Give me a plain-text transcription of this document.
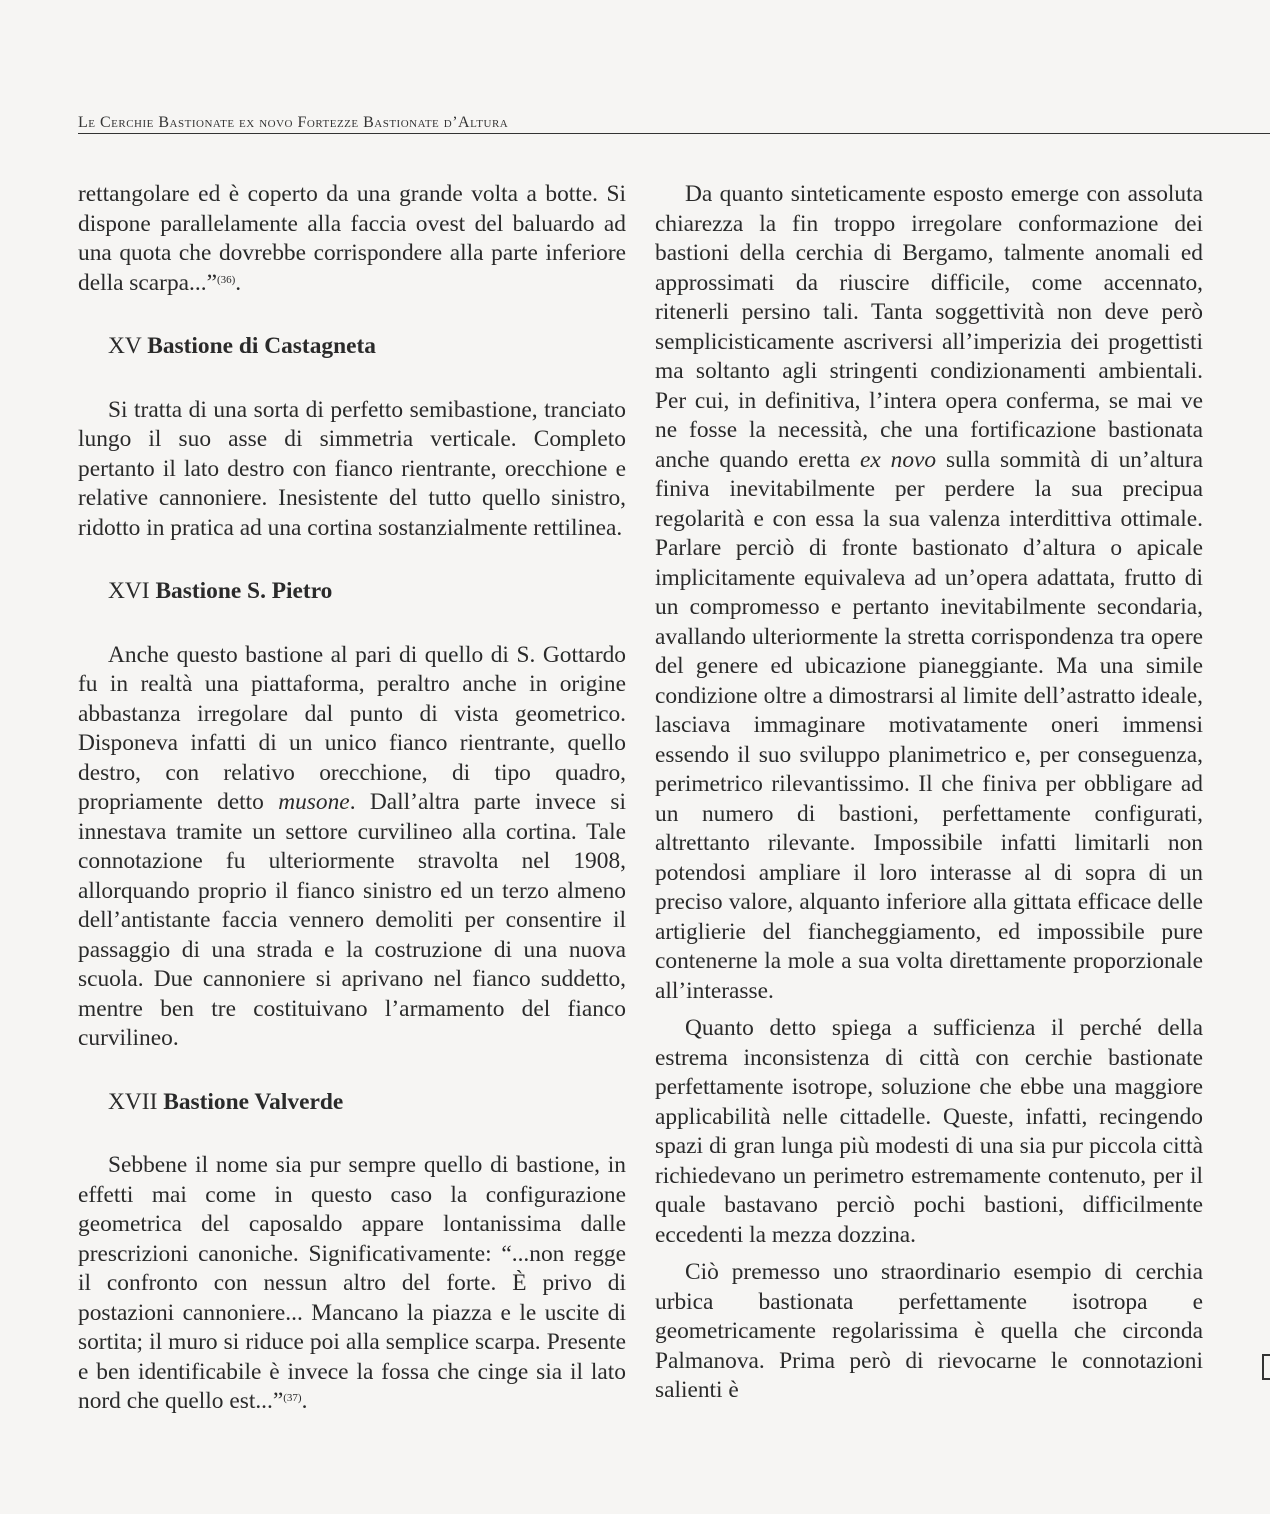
Le Cerchie Bastionate ex novo Fortezze Bastionate d’Altura

rettangolare ed è coperto da una grande volta a botte. Si dispone parallelamente alla faccia ovest del baluardo ad una quota che dovrebbe corrispondere alla parte inferiore della scarpa...”$^{(36)}$.

XV Bastione di Castagneta

Si tratta di una sorta di perfetto semibastione, tranciato lungo il suo asse di simmetria verticale. Completo pertanto il lato destro con fianco rientrante, orecchione e relative cannoniere. Inesistente del tutto quello sinistro, ridotto in pratica ad una cortina sostanzialmente rettilinea.

XVI Bastione S. Pietro

Anche questo bastione al pari di quello di S. Gottardo fu in realtà una piattaforma, peraltro anche in origine abbastanza irregolare dal punto di vista geometrico. Disponeva infatti di un unico fianco rientrante, quello destro, con relativo orecchione, di tipo quadro, propriamente detto musone. Dall’altra parte invece si innestava tramite un settore curvilineo alla cortina. Tale connotazione fu ulteriormente stravolta nel 1908, allorquando proprio il fianco sinistro ed un terzo almeno dell’antistante faccia vennero demoliti per consentire il passaggio di una strada e la costruzione di una nuova scuola. Due cannoniere si aprivano nel fianco suddetto, mentre ben tre costituivano l’armamento del fianco curvilineo.

XVII Bastione Valverde

Sebbene il nome sia pur sempre quello di bastione, in effetti mai come in questo caso la configurazione geometrica del caposaldo appare lontanissima dalle prescrizioni canoniche. Significativamente: “...non regge il confronto con nessun altro del forte. È privo di postazioni cannoniere... Mancano la piazza e le uscite di sortita; il muro si riduce poi alla semplice scarpa. Presente e ben identificabile è invece la fossa che cinge sia il lato nord che quello est...”$^{(37)}$.

Da quanto sinteticamente esposto emerge con assoluta chiarezza la fin troppo irregolare conformazione dei bastioni della cerchia di Bergamo, talmente anomali ed approssimati da riuscire difficile, come accennato, ritenerli persino tali. Tanta soggettività non deve però semplicisticamente ascriversi all’imperizia dei progettisti ma soltanto agli stringenti condizionamenti ambientali. Per cui, in definitiva, l’intera opera conferma, se mai ve ne fosse la necessità, che una fortificazione bastionata anche quando eretta ex novo sulla sommità di un’altura finiva inevitabilmente per perdere la sua precipua regolarità e con essa la sua valenza interdittiva ottimale. Parlare perciò di fronte bastionato d’altura o apicale implicitamente equivaleva ad un’opera adattata, frutto di un compromesso e pertanto inevitabilmente secondaria, avallando ulteriormente la stretta corrispondenza tra opere del genere ed ubicazione pianeggiante. Ma una simile condizione oltre a dimostrarsi al limite dell’astratto ideale, lasciava immaginare motivatamente oneri immensi essendo il suo sviluppo planimetrico e, per conseguenza, perimetrico rilevantissimo. Il che finiva per obbligare ad un numero di bastioni, perfettamente configurati, altrettanto rilevante. Impossibile infatti limitarli non potendosi ampliare il loro interasse al di sopra di un preciso valore, alquanto inferiore alla gittata efficace delle artiglierie del fiancheggiamento, ed impossibile pure contenerne la mole a sua volta direttamente proporzionale all’interasse.

Quanto detto spiega a sufficienza il perché della estrema inconsistenza di città con cerchie bastionate perfettamente isotrope, soluzione che ebbe una maggiore applicabilità nelle cittadelle. Queste, infatti, recingendo spazi di gran lunga più modesti di una sia pur piccola città richiedevano un perimetro estremamente contenuto, per il quale bastavano perciò pochi bastioni, difficilmente eccedenti la mezza dozzina.

Ciò premesso uno straordinario esempio di cerchia urbica bastionata perfettamente isotropa e geometricamente regolarissima è quella che circonda Palmanova. Prima però di rievocarne le connotazioni salienti è
